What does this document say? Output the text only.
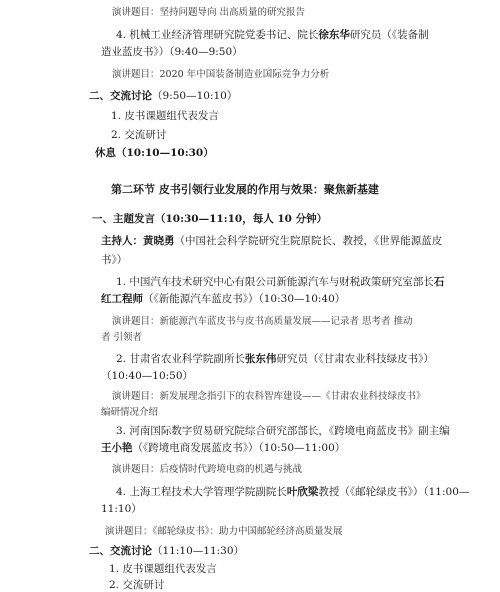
演讲题目：坚持问题导向 出高质量的研究报告
4. 机械工业经济管理研究院党委书记、院长徐东华研究员（《装备制
造业蓝皮书》）（9:40—9:50）
演讲题目：2020 年中国装备制造业国际竞争力分析
二、交流讨论（9:50—10:10）
1. 皮书课题组代表发言
2. 交流研讨
休息（10:10—10:30）
第二环节 皮书引领行业发展的作用与效果：聚焦新基建
一、主题发言（10:30—11:10，每人 10 分钟）
主持人：黄晓勇（中国社会科学院研究生院原院长、教授，《世界能源蓝皮
书》）
1. 中国汽车技术研究中心有限公司新能源汽车与财税政策研究室部长石
红工程师（《新能源汽车蓝皮书》）（10:30—10:40）
演讲题目：新能源汽车蓝皮书与皮书高质量发展——记录者 思考者 推动
者 引领者
2. 甘肃省农业科学院副所长张东伟研究员（《甘肃农业科技绿皮书》）
（10:40—10:50）
演讲题目：新发展理念指引下的农科智库建设——《甘肃农业科技绿皮书》
编研情况介绍
3. 河南国际数字贸易研究院综合研究部部长，《跨境电商蓝皮书》副主编
王小艳（《跨境电商发展蓝皮书》）（10:50—11:00）
演讲题目：后疫情时代跨境电商的机遇与挑战
4. 上海工程技术大学管理学院副院长叶欣梁教授（《邮轮绿皮书》）（11:00—
11:10）
演讲题目：《邮轮绿皮书》：助力中国邮轮经济高质量发展
二、交流讨论（11:10—11:30）
1. 皮书课题组代表发言
2. 交流研讨
